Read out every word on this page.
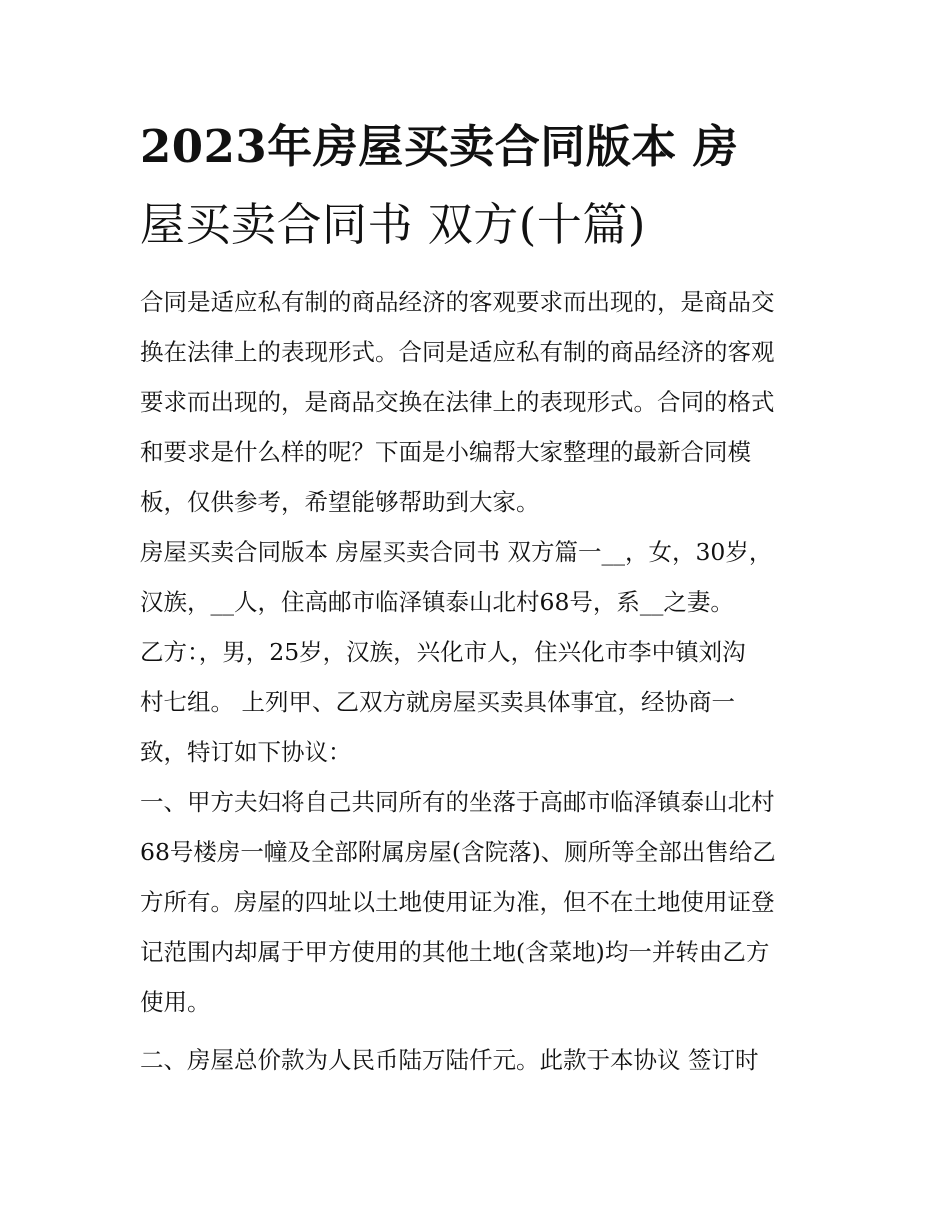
2023年房屋买卖合同版本 房
屋买卖合同书 双方(十篇)

合同是适应私有制的商品经济的客观要求而出现的，是商品交
换在法律上的表现形式。合同是适应私有制的商品经济的客观
要求而出现的，是商品交换在法律上的表现形式。合同的格式
和要求是什么样的呢？下面是小编帮大家整理的最新合同模
板，仅供参考，希望能够帮助到大家。

房屋买卖合同版本 房屋买卖合同书 双方篇一__，女，30岁，
汉族，__人，住高邮市临泽镇泰山北村68号，系__之妻。

乙方：，男，25岁，汉族，兴化市人，住兴化市李中镇刘沟
村七组。 上列甲、乙双方就房屋买卖具体事宜，经协商一
致，特订如下协议：

一、甲方夫妇将自己共同所有的坐落于高邮市临泽镇泰山北村
68号楼房一幢及全部附属房屋(含院落)、厕所等全部出售给乙
方所有。房屋的四址以土地使用证为准，但不在土地使用证登
记范围内却属于甲方使用的其他土地(含菜地)均一并转由乙方
使用。

二、房屋总价款为人民币陆万陆仟元。此款于本协议 签订时
